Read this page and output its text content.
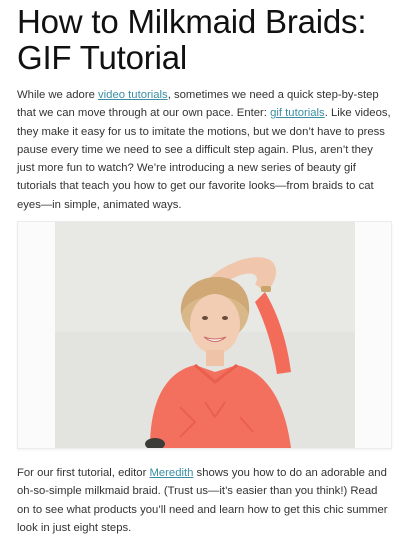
How to Milkmaid Braids: GIF Tutorial

While we adore video tutorials, sometimes we need a quick step-by-step that we can move through at our own pace. Enter: gif tutorials. Like videos, they make it easy for us to imitate the motions, but we don’t have to press pause every time we need to see a difficult step again. Plus, aren’t they just more fun to watch? We’re introducing a new series of beauty gif tutorials that teach you how to get our favorite looks—from braids to cat eyes—in simple, animated ways.

For our first tutorial, editor Meredith shows you how to do an adorable and oh-so-simple milkmaid braid. (Trust us—it’s easier than you think!) Read on to see what products you’ll need and learn how to get this chic summer look in just eight steps.
